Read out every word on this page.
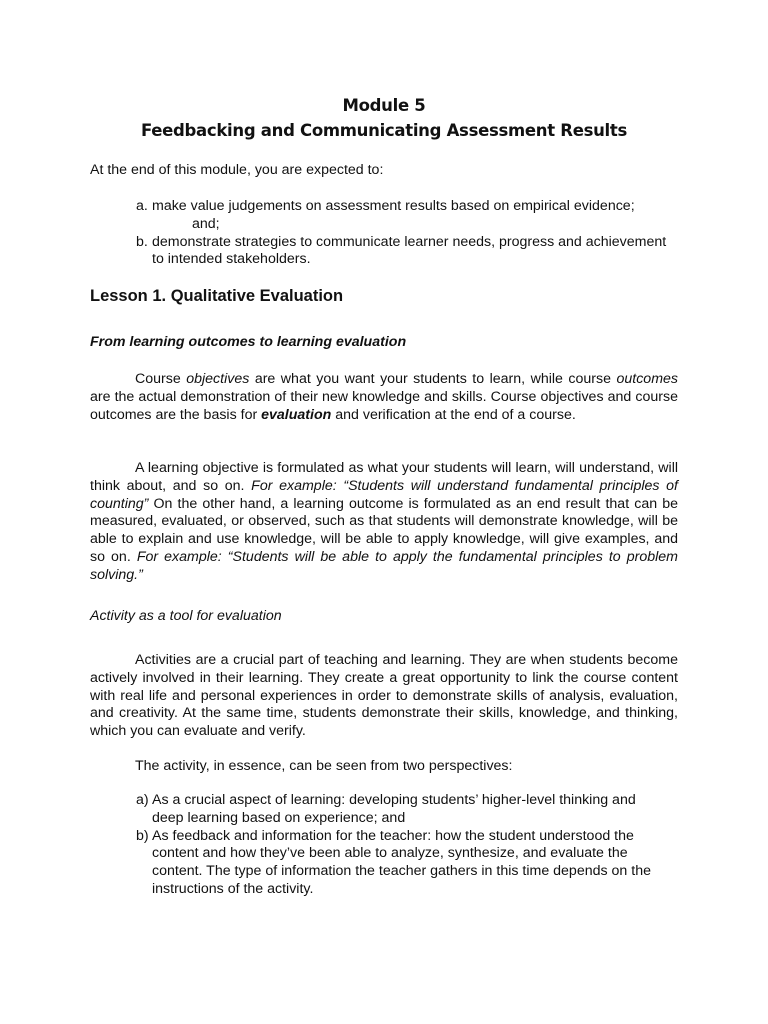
Module 5
Feedbacking and Communicating Assessment Results
At the end of this module, you are expected to:
a. make value judgements on assessment results based on empirical evidence;
and;
b. demonstrate strategies to communicate learner needs, progress and achievement to intended stakeholders.
Lesson 1. Qualitative Evaluation
From learning outcomes to learning evaluation

Course objectives are what you want your students to learn, while course outcomes are the actual demonstration of their new knowledge and skills. Course objectives and course outcomes are the basis for evaluation and verification at the end of a course.

A learning objective is formulated as what your students will learn, will understand, will think about, and so on. For example: “Students will understand fundamental principles of counting” On the other hand, a learning outcome is formulated as an end result that can be measured, evaluated, or observed, such as that students will demonstrate knowledge, will be able to explain and use knowledge, will be able to apply knowledge, will give examples, and so on. For example: “Students will be able to apply the fundamental principles to problem solving.”

Activity as a tool for evaluation

Activities are a crucial part of teaching and learning. They are when students become actively involved in their learning. They create a great opportunity to link the course content with real life and personal experiences in order to demonstrate skills of analysis, evaluation, and creativity. At the same time, students demonstrate their skills, knowledge, and thinking, which you can evaluate and verify.

The activity, in essence, can be seen from two perspectives:

a) As a crucial aspect of learning: developing students’ higher-level thinking and deep learning based on experience; and
b) As feedback and information for the teacher: how the student understood the content and how they’ve been able to analyze, synthesize, and evaluate the content. The type of information the teacher gathers in this time depends on the instructions of the activity.
